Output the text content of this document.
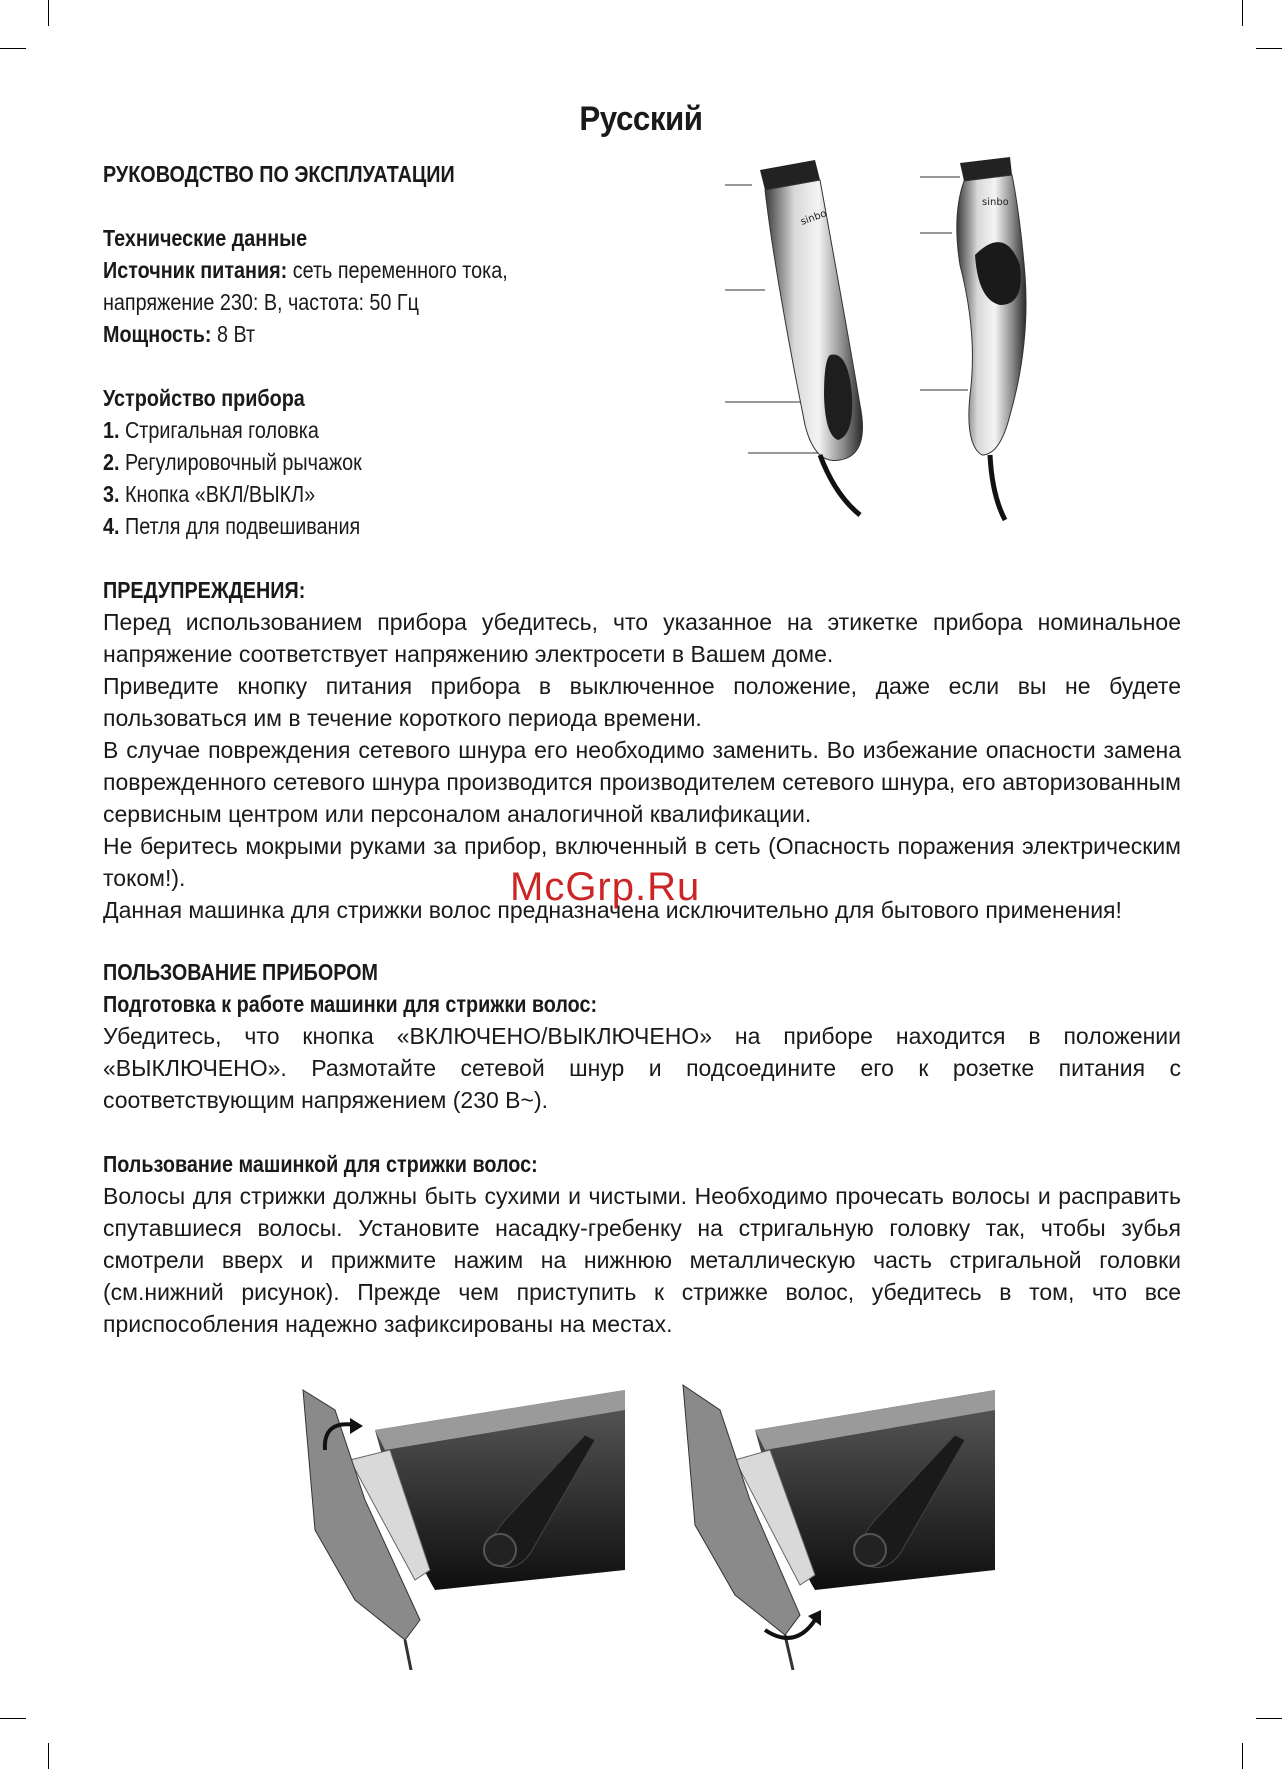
Русский
РУКОВОДСТВО ПО ЭКСПЛУАТАЦИИ
Технические данные
Источник питания: сеть переменного тока,
напряжение 230: В, частота: 50 Гц
Мощность: 8 Вт
Устройство прибора
1. Стригальная головка
2. Регулировочный рычажок
3. Кнопка «ВКЛ/ВЫКЛ»
4. Петля для подвешивания
sinbo
sinbo
ПРЕДУПРЕЖДЕНИЯ:

Перед использованием прибора убедитесь, что указанное на этикетке прибора номинальное напряжение соответствует напряжению электросети в Вашем доме.

Приведите кнопку питания прибора в выключенное положение, даже если вы не будете пользоваться им в течение короткого периода времени.

В случае повреждения сетевого шнура его необходимо заменить. Во избежание опасности замена поврежденного сетевого шнура производится производителем сетевого шнура, его авторизованным сервисным центром или персоналом аналогичной квалификации.

Не беритесь мокрыми руками за прибор, включенный в сеть (Опасность поражения электрическим током!).

Данная машинка для стрижки волос предназначена исключительно для бытового применения!

McGrp.Ru
ПОЛЬЗОВАНИЕ ПРИБОРОМ
Подготовка к работе машинки для стрижки волос:
Убедитесь, что кнопка «ВКЛЮЧЕНО/ВЫКЛЮЧЕНО» на приборе находится в положении «ВЫКЛЮЧЕНО». Размотайте сетевой шнур и подсоедините его к розетке питания с соответствующим напряжением (230 В~).
Пользование машинкой для стрижки волос:
Волосы для стрижки должны быть сухими и чистыми. Необходимо прочесать волосы и расправить спутавшиеся волосы. Установите насадку-гребенку на стригальную головку так, чтобы зубья смотрели вверх и прижмите нажим на нижнюю металлическую часть стригальной головки (см.нижний рисунок). Прежде чем приступить к стрижке волос, убедитесь в том, что все приспособления надежно зафиксированы на местах.
